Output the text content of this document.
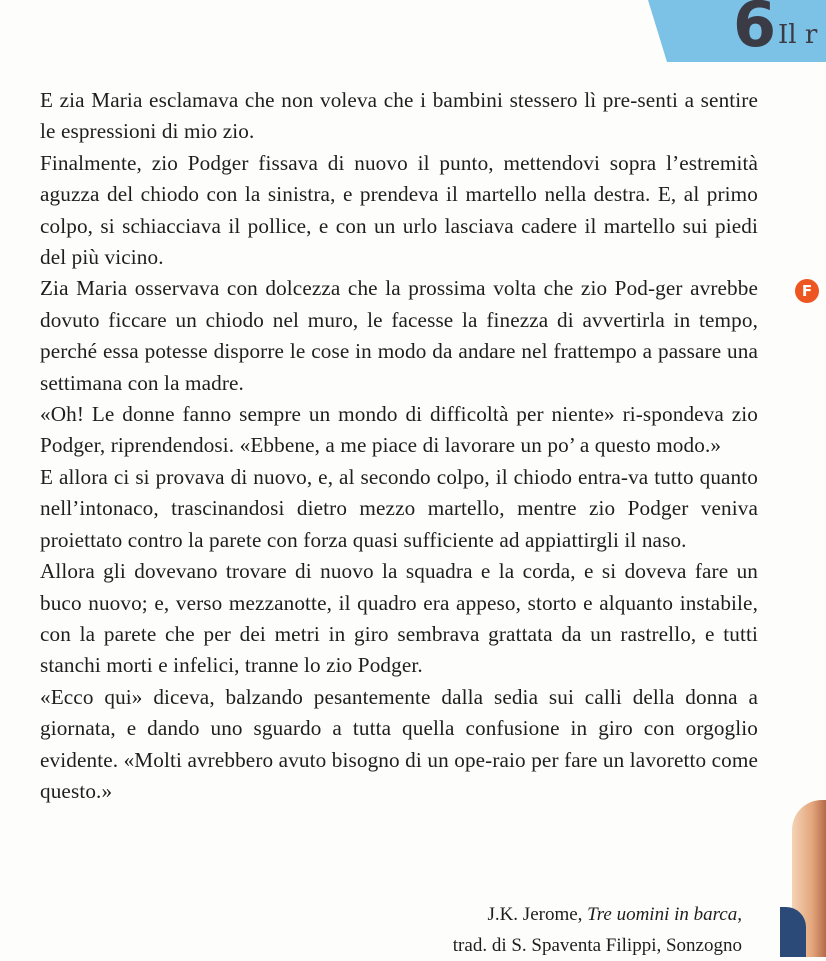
6 Il r

E zia Maria esclamava che non voleva che i bambini stessero lì pre-senti a sentire le espressioni di mio zio.

Finalmente, zio Podger fissava di nuovo il punto, mettendovi sopra l’estremità aguzza del chiodo con la sinistra, e prendeva il martello nella destra. E, al primo colpo, si schiacciava il pollice, e con un urlo lasciava cadere il martello sui piedi del più vicino.

Zia Maria osservava con dolcezza che la prossima volta che zio Pod-ger avrebbe dovuto ficcare un chiodo nel muro, le facesse la finezza di avvertirla in tempo, perché essa potesse disporre le cose in modo da andare nel frattempo a passare una settimana con la madre.

«Oh! Le donne fanno sempre un mondo di difficoltà per niente» ri-spondeva zio Podger, riprendendosi. «Ebbene, a me piace di lavorare un po’ a questo modo.»

E allora ci si provava di nuovo, e, al secondo colpo, il chiodo entra-va tutto quanto nell’intonaco, trascinandosi dietro mezzo martello, mentre zio Podger veniva proiettato contro la parete con forza quasi sufficiente ad appiattirgli il naso.

Allora gli dovevano trovare di nuovo la squadra e la corda, e si doveva fare un buco nuovo; e, verso mezzanotte, il quadro era appeso, storto e alquanto instabile, con la parete che per dei metri in giro sembrava grattata da un rastrello, e tutti stanchi morti e infelici, tranne lo zio Podger.

«Ecco qui» diceva, balzando pesantemente dalla sedia sui calli della donna a giornata, e dando uno sguardo a tutta quella confusione in giro con orgoglio evidente. «Molti avrebbero avuto bisogno di un ope-raio per fare un lavoretto come questo.»

F
J.K. Jerome, Tre uomini in barca,
trad. di S. Spaventa Filippi, Sonzogno
